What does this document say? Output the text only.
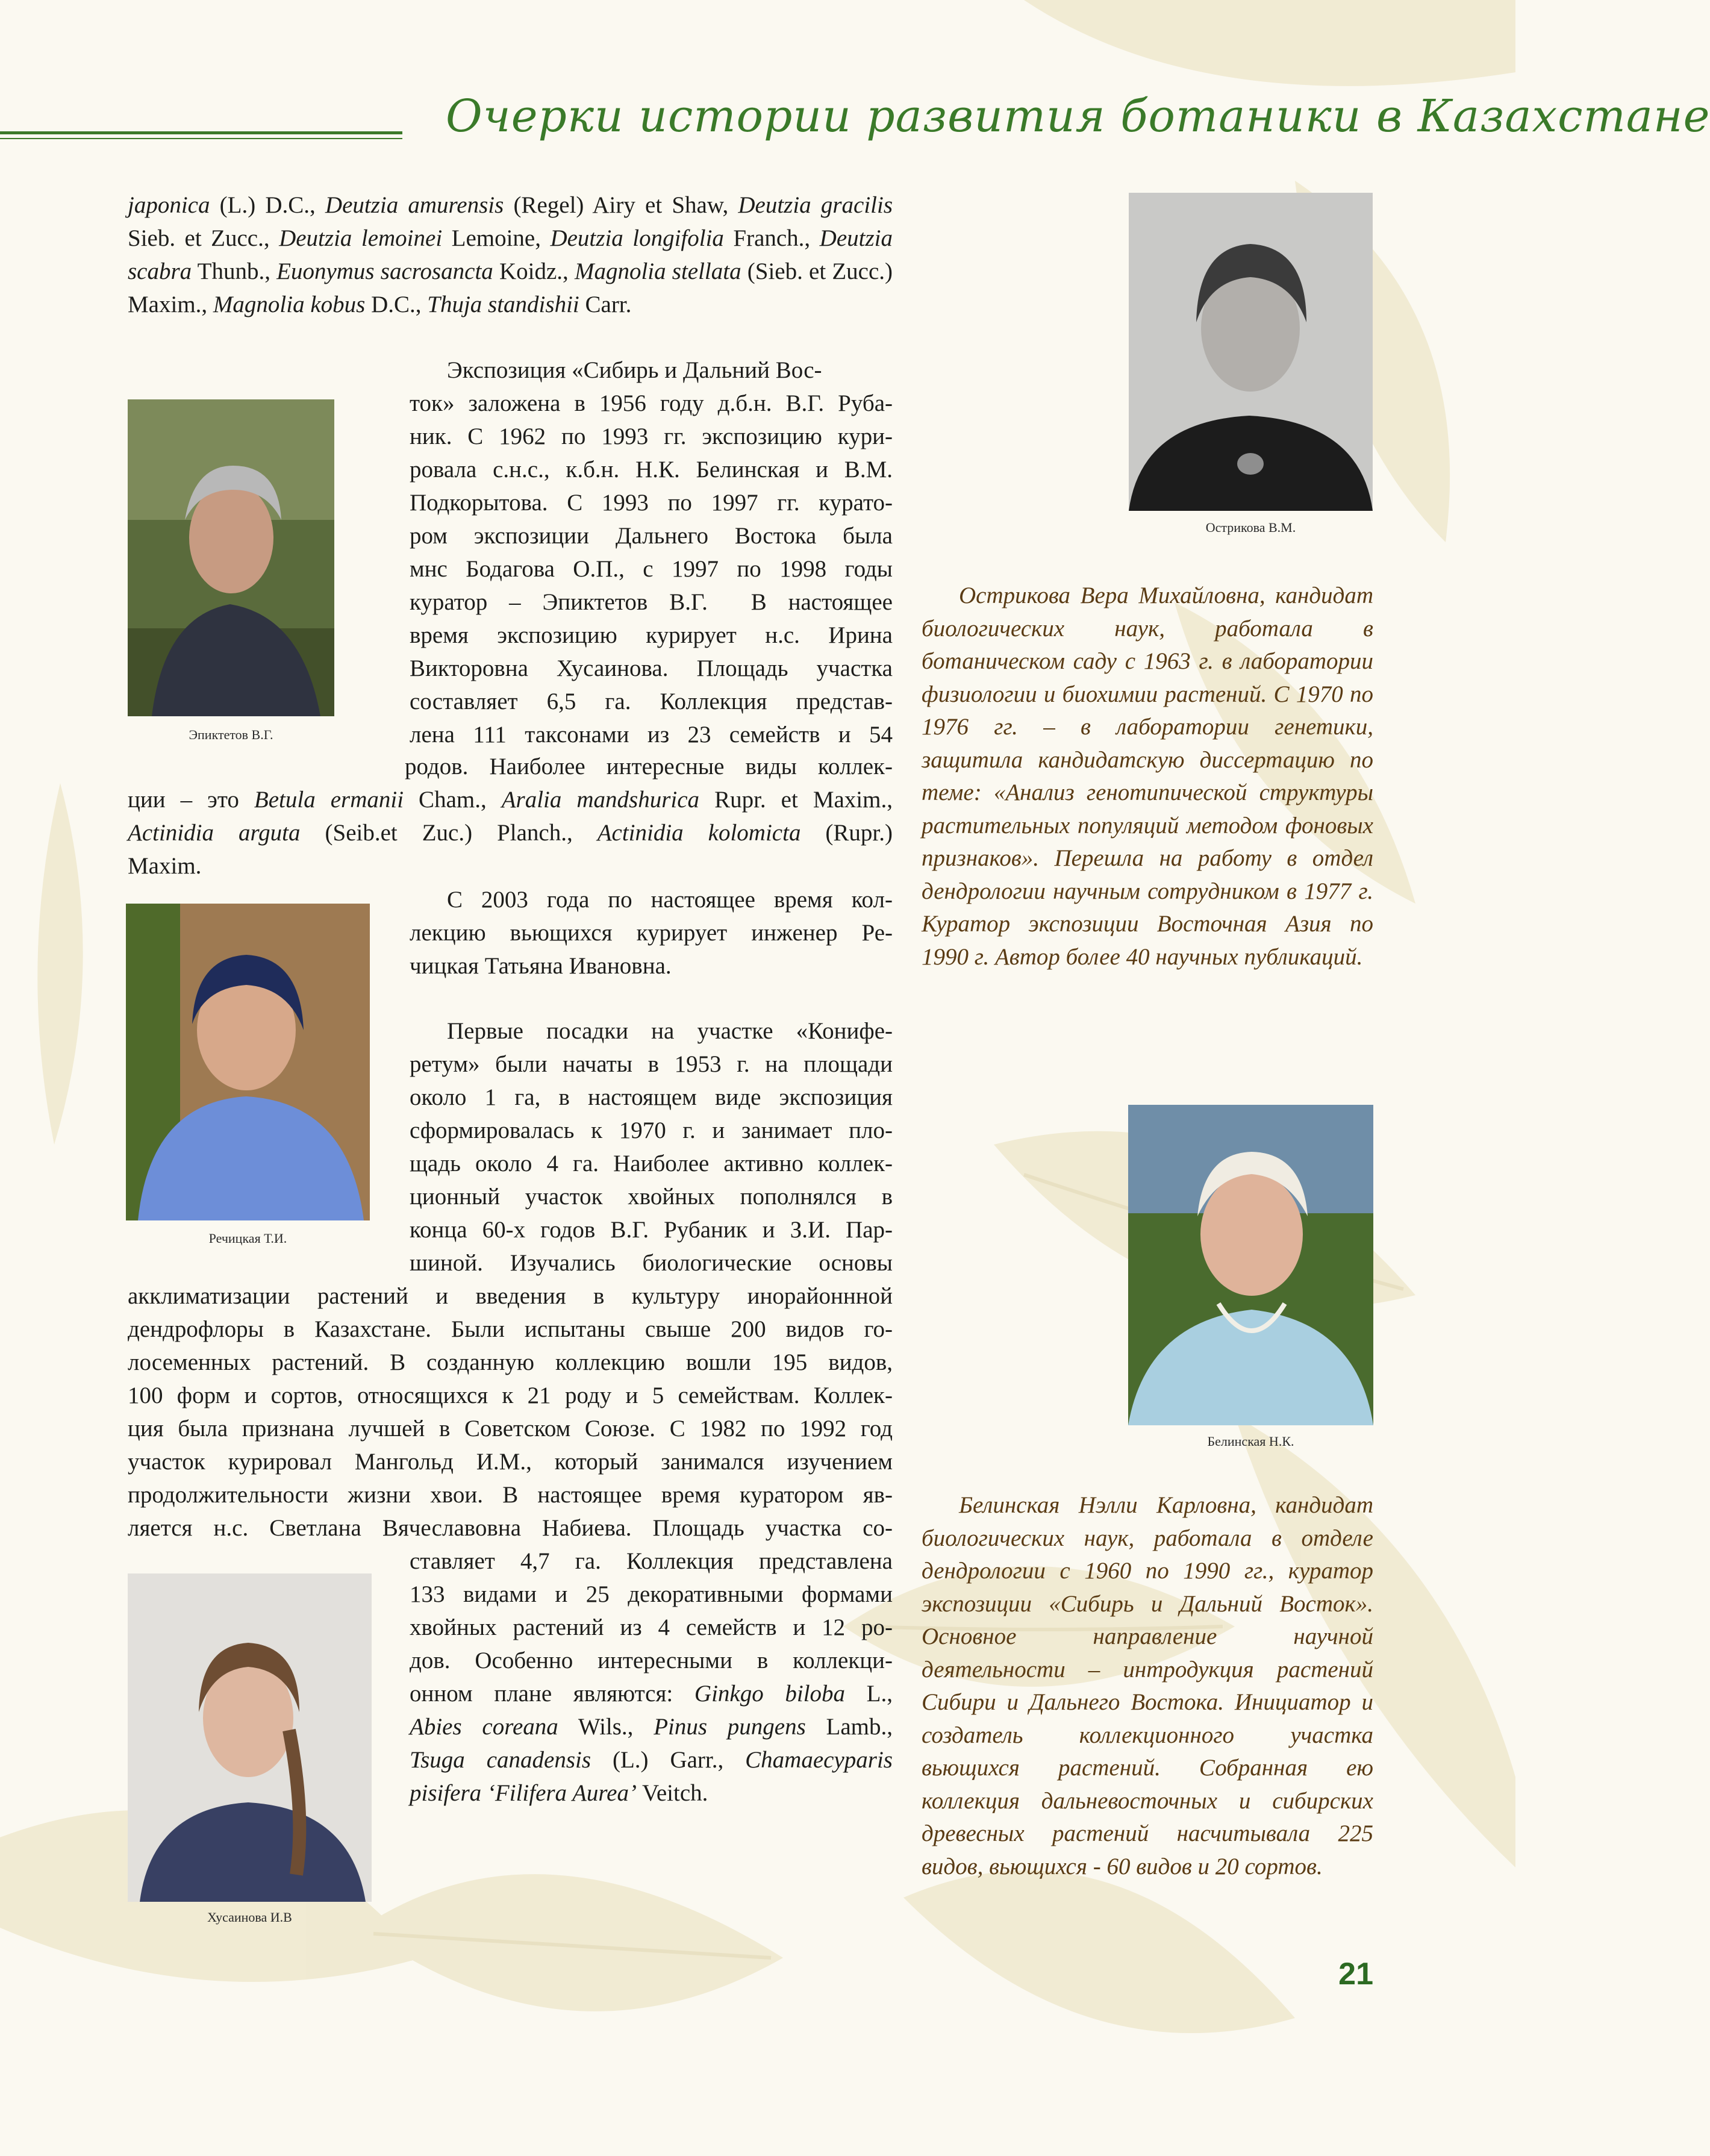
Очерки истории развития ботаники в Казахстане
Эпиктетов В.Г.
Речицкая Т.И.
Хусаинова И.В
Острикова В.М.
Белинская Н.К.

japonica (L.) D.C., Deutzia amurensis (Regel) Airy et Shaw, Deutzia gracilis Sieb. et Zucc., Deutzia lemoinei Lemoine, Deutzia longifolia Franch., Deutzia scabra Thunb., Euonymus sacrosancta Koidz., Magnolia stellata (Sieb. et Zucc.) Maxim., Magnolia kobus D.C., Thuja standishii Carr.

Экспозиция «Сибирь и Дальний Вос-
ток» заложена в 1956 году д.б.н. В.Г. Руба-
ник. С 1962 по 1993 гг. экспозицию кури-
ровала с.н.с., к.б.н. Н.К. Белинская и В.М.
Подкорытова. С 1993 по 1997 гг. курато-
ром экспозиции Дальнего Востока была
мнс Бодагова О.П., с 1997 по 1998 годы
куратор – Эпиктетов В.Г.  В настоящее
время экспозицию курирует н.с. Ирина
Викторовна Хусаинова. Площадь участка
составляет 6,5 га. Коллекция представ-
лена 111 таксонами из 23 семейств и 54
родов. Наиболее интересные виды коллек-
ции – это Betula ermanii Cham., Aralia mandshurica Rupr. et Maxim.,
Actinidia arguta (Seib.et Zuc.) Planch., Actinidia kolomicta (Rupr.)
Maxim.
С 2003 года по настоящее время кол-
лекцию вьющихся курирует инженер Ре-
чицкая Татьяна Ивановна.
Первые посадки на участке «Конифе-
ретум» были начаты в 1953 г. на площади
около 1 га, в настоящем виде экспозиция
сформировалась к 1970 г. и занимает пло-
щадь около 4 га. Наиболее активно коллек-
ционный участок хвойных пополнялся в
конца 60-х годов В.Г. Рубаник и З.И. Пар-
шиной. Изучались биологические основы
акклиматизации растений и введения в культуру инорайоннной
дендрофлоры в Казахстане. Были испытаны свыше 200 видов го-
лосеменных растений. В созданную коллекцию вошли 195 видов,
100 форм и сортов, относящихся к 21 роду и 5 семействам. Коллек-
ция была признана лучшей в Советском Союзе. С 1982 по 1992 год
участок курировал Мангольд И.М., который занимался изучением
продолжительности жизни хвои. В настоящее время куратором яв-
ляется н.с. Светлана Вячеславовна Набиева. Площадь участка со-
ставляет 4,7 га. Коллекция представлена
133 видами и 25 декоративными формами
хвойных растений из 4 семейств и 12 ро-
дов. Особенно интересными в коллекци-
онном плане являются: Ginkgo biloba L.,
Abies coreana Wils., Pinus pungens Lamb.,
Tsuga canadensis (L.) Garr., Chamaecyparis
pisifera ‘Filifera Aurea’ Veitch.

Острикова Вера Михайловна, кандидат биологических наук, работала в ботаническом саду с 1963 г. в лаборатории физиологии и биохимии растений. С 1970 по 1976 гг. – в лаборатории генетики, защитила кандидатскую диссертацию по теме: «Анализ генотипической структуры растительных популяций методом фоновых признаков». Перешла на работу в отдел дендрологии научным сотрудником в 1977 г. Куратор экспозиции Восточная Азия по 1990 г. Автор более 40 научных публикаций.

Белинская Нэлли Карловна, кандидат биологических наук, работала в отделе дендрологии с 1960 по 1990 гг., куратор экспозиции «Сибирь и Дальний Восток». Основное направление научной деятельности – интродукция растений Сибири и Дальнего Востока. Инициатор и создатель коллекционного участка вьющихся растений. Собранная ею коллекция дальневосточных и сибирских древесных растений насчитывала 225 видов, вьющихся - 60 видов и 20 сортов.

21
